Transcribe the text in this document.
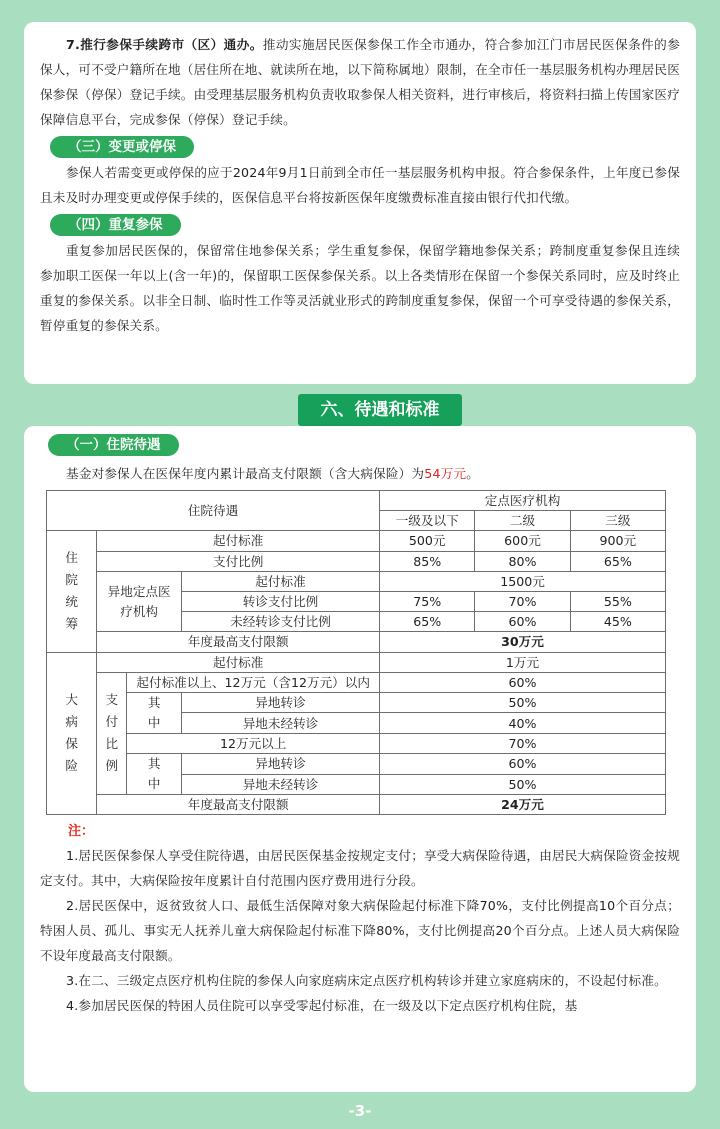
7.推行参保手续跨市（区）通办。推动实施居民医保参保工作全市通办，符合参加江门市居民医保条件的参保人，可不受户籍所在地（居住所在地、就读所在地，以下简称属地）限制，在全市任一基层服务机构办理居民医保参保（停保）登记手续。由受理基层服务机构负责收取参保人相关资料，进行审核后，将资料扫描上传国家医疗保障信息平台，完成参保（停保）登记手续。

（三）变更或停保

参保人若需变更或停保的应于2024年9月1日前到全市任一基层服务机构申报。符合参保条件，上年度已参保且未及时办理变更或停保手续的，医保信息平台将按新医保年度缴费标准直接由银行代扣代缴。

（四）重复参保

重复参加居民医保的，保留常住地参保关系；学生重复参保，保留学籍地参保关系；跨制度重复参保且连续参加职工医保一年以上(含一年)的，保留职工医保参保关系。以上各类情形在保留一个参保关系同时，应及时终止重复的参保关系。以非全日制、临时性工作等灵活就业形式的跨制度重复参保，保留一个可享受待遇的参保关系，暂停重复的参保关系。

六、待遇和标准
（一）住院待遇

基金对参保人在医保年度内累计最高支付限额（含大病保险）为54万元。

住院待遇				定点医疗机构		
				一级及以下	二级	三级

住院统筹	起付标准			500元	600元	900元
	支付比例			85%	80%	65%

	异地定点医疗机构		起付标准	1500元		
			转诊支付比例	75%	70%	55%
			未经转诊支付比例	65%	60%	45%
	年度最高支付限额			30万元		

大病保险	起付标准			1万元		

	支付比例	起付标准以上、12万元（含12万元）以内		60%		

		其中	异地转诊	50%		
			异地未经转诊	40%		
		12万元以上		70%		

		其中	异地转诊	60%		
			异地未经转诊	50%		
	年度最高支付限额			24万元		
注：

1.居民医保参保人享受住院待遇，由居民医保基金按规定支付；享受大病保险待遇，由居民大病保险资金按规定支付。其中，大病保险按年度累计自付范围内医疗费用进行分段。

2.居民医保中，返贫致贫人口、最低生活保障对象大病保险起付标准下降70%，支付比例提高10个百分点；特困人员、孤儿、事实无人抚养儿童大病保险起付标准下降80%，支付比例提高20个百分点。上述人员大病保险不设年度最高支付限额。

3.在二、三级定点医疗机构住院的参保人向家庭病床定点医疗机构转诊并建立家庭病床的，不设起付标准。

4.参加居民医保的特困人员住院可以享受零起付标准，在一级及以下定点医疗机构住院，基

-3-
